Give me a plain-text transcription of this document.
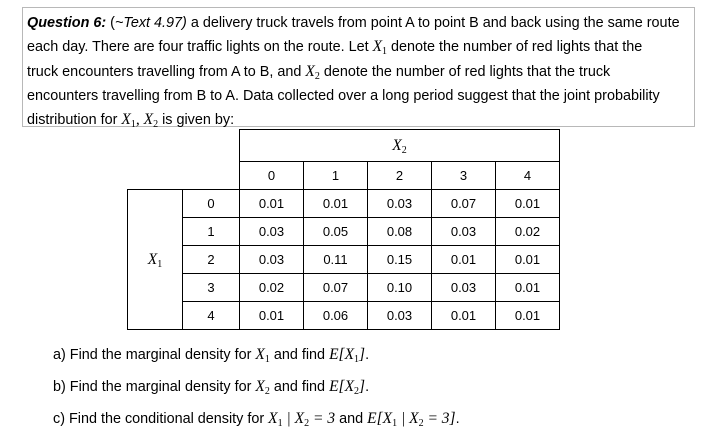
Question 6: (~Text 4.97) a delivery truck travels from point A to point B and back using the same route
each day. There are four traffic lights on the route. Let X1 denote the number of red lights that the
truck encounters travelling from A to B, and X2 denote the number of red lights that the truck
encounters travelling from B to A. Data collected over a long period suggest that the joint probability
distribution for X1, X2 is given by:
		X2				
		0	1	2	3	4
X1	0	0.01	0.01	0.03	0.07	0.01
	1	0.03	0.05	0.08	0.03	0.02
	2	0.03	0.11	0.15	0.01	0.01
	3	0.02	0.07	0.10	0.03	0.01
	4	0.01	0.06	0.03	0.01	0.01
a) Find the marginal density for X1 and find E[X1].
b) Find the marginal density for X2 and find E[X2].
c) Find the conditional density for X1 | X2 = 3 and E[X1 | X2 = 3].
